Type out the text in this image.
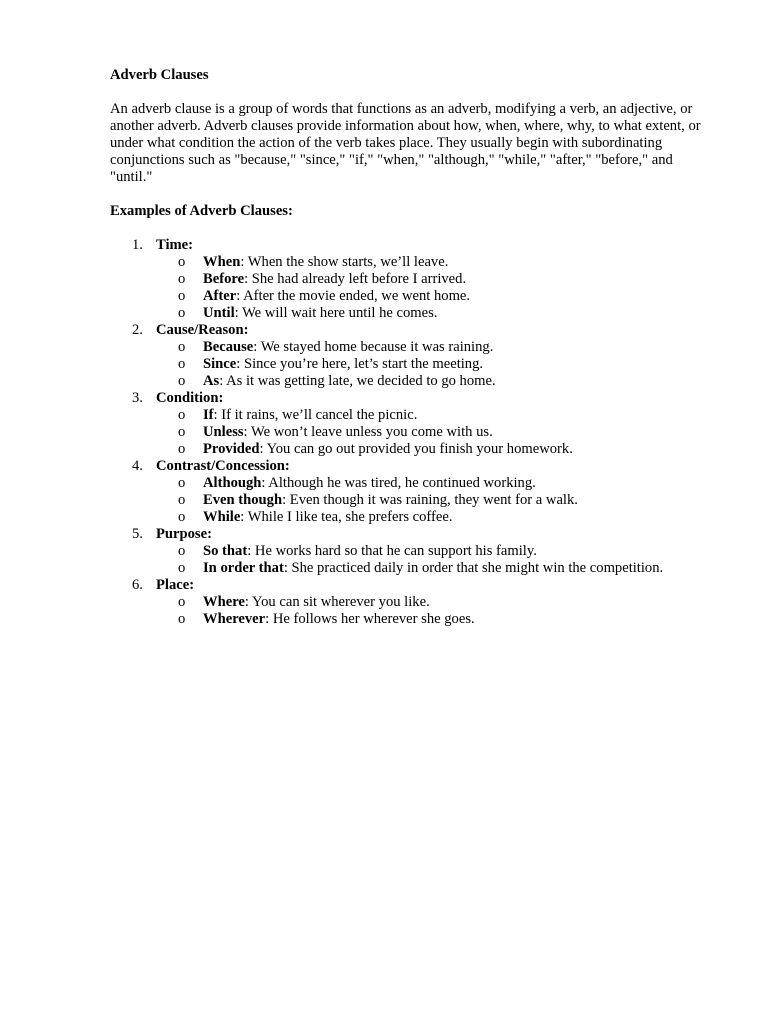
Adverb Clauses
An adverb clause is a group of words that functions as an adverb, modifying a verb, an adjective, or another adverb. Adverb clauses provide information about how, when, where, why, to what extent, or under what condition the action of the verb takes place. They usually begin with subordinating conjunctions such as "because," "since," "if," "when," "although," "while," "after," "before," and "until."
Examples of Adverb Clauses:
1. Time:
o When: When the show starts, we’ll leave.
o Before: She had already left before I arrived.
o After: After the movie ended, we went home.
o Until: We will wait here until he comes.
2. Cause/Reason:
o Because: We stayed home because it was raining.
o Since: Since you’re here, let’s start the meeting.
o As: As it was getting late, we decided to go home.
3. Condition:
o If: If it rains, we’ll cancel the picnic.
o Unless: We won’t leave unless you come with us.
o Provided: You can go out provided you finish your homework.
4. Contrast/Concession:
o Although: Although he was tired, he continued working.
o Even though: Even though it was raining, they went for a walk.
o While: While I like tea, she prefers coffee.
5. Purpose:
o So that: He works hard so that he can support his family.
o In order that: She practiced daily in order that she might win the competition.
6. Place:
o Where: You can sit wherever you like.
o Wherever: He follows her wherever she goes.
